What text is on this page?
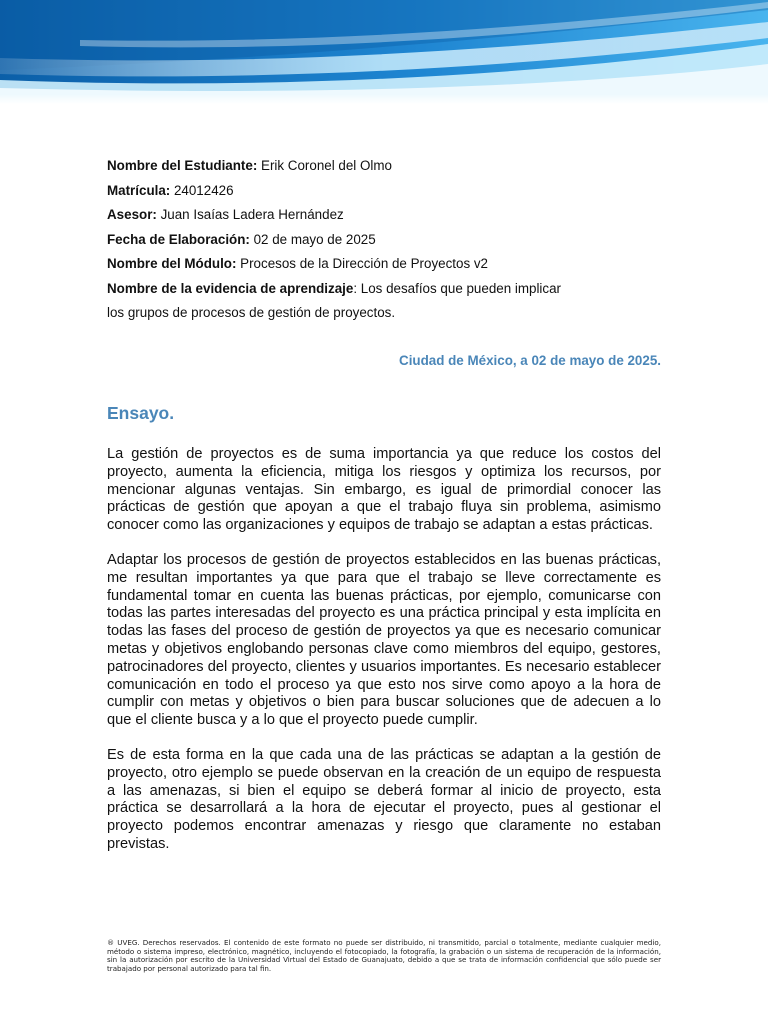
Nombre del Estudiante: Erik Coronel del Olmo
Matrícula: 24012426
Asesor: Juan Isaías Ladera Hernández
Fecha de Elaboración: 02 de mayo de 2025
Nombre del Módulo: Procesos de la Dirección de Proyectos v2
Nombre de la evidencia de aprendizaje: Los desafíos que pueden implicar
los grupos de procesos de gestión de proyectos.
Ciudad de México, a 02 de mayo de 2025.
Ensayo.

La gestión de proyectos es de suma importancia ya que reduce los costos del proyecto, aumenta la eficiencia, mitiga los riesgos y optimiza los recursos, por mencionar algunas ventajas. Sin embargo, es igual de primordial conocer las prácticas de gestión que apoyan a que el trabajo fluya sin problema, asimismo conocer como las organizaciones y equipos de trabajo se adaptan a estas prácticas.

Adaptar los procesos de gestión de proyectos establecidos en las buenas prácticas, me resultan importantes ya que para que el trabajo se lleve correctamente es fundamental tomar en cuenta las buenas prácticas, por ejemplo, comunicarse con todas las partes interesadas del proyecto es una práctica principal y esta implícita en todas las fases del proceso de gestión de proyectos ya que es necesario comunicar metas y objetivos englobando personas clave como miembros del equipo, gestores, patrocinadores del proyecto, clientes y usuarios importantes. Es necesario establecer comunicación en todo el proceso ya que esto nos sirve como apoyo a la hora de cumplir con metas y objetivos o bien para buscar soluciones que de adecuen a lo que el cliente busca y a lo que el proyecto puede cumplir.

Es de esta forma en la que cada una de las prácticas se adaptan a la gestión de proyecto, otro ejemplo se puede observan en la creación de un equipo de respuesta a las amenazas, si bien el equipo se deberá formar al inicio de proyecto, esta práctica se desarrollará a la hora de ejecutar el proyecto, pues al gestionar el proyecto podemos encontrar amenazas y riesgo que claramente no estaban previstas.

® UVEG. Derechos reservados. El contenido de este formato no puede ser distribuido, ni transmitido, parcial o totalmente, mediante cualquier medio, método o sistema impreso, electrónico, magnético, incluyendo el fotocopiado, la fotografía, la grabación o un sistema de recuperación de la información, sin la autorización por escrito de la Universidad Virtual del Estado de Guanajuato, debido a que se trata de información confidencial que sólo puede ser trabajado por personal autorizado para tal fin.
